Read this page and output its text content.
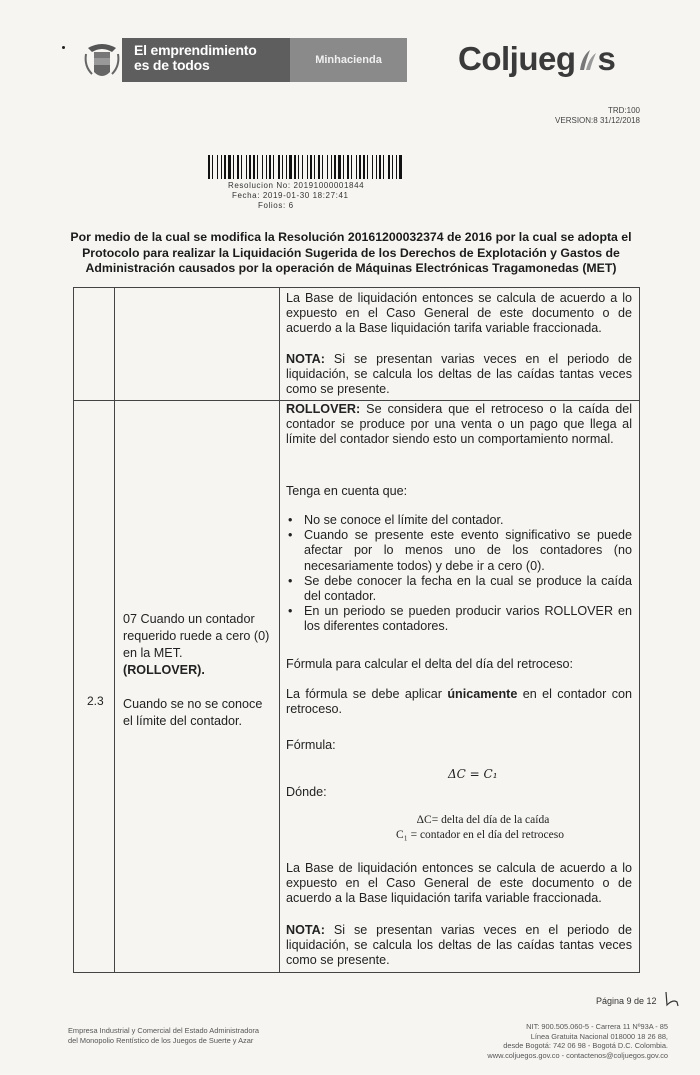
El emprendimiento
es de todos	Minhacienda	Coljueg s
TRD:100
VERSION:8 31/12/2018
Resolucion No: 20191000001844
Fecha: 2019-01-30 18:27:41
Folios: 6
Por medio de la cual se modifica la Resolución 20161200032374 de 2016 por la cual se adopta el Protocolo para realizar la Liquidación Sugerida de los Derechos de Explotación y Gastos de Administración causados por la operación de Máquinas Electrónicas Tragamonedas (MET)
La Base de liquidación entonces se calcula de acuerdo a lo expuesto en el Caso General de este documento o de acuerdo a la Base liquidación tarifa variable fraccionada.
NOTA: Si se presentan varias veces en el periodo de liquidación, se calcula los deltas de las caídas tantas veces como se presente.
2.3

07 Cuando un contador requerido ruede a cero (0) en la MET.
(ROLLOVER).

Cuando se no se conoce el límite del contador.

ROLLOVER: Se considera que el retroceso o la caída del contador se produce por una venta o un pago que llega al límite del contador siendo esto un comportamiento normal.
Tenga en cuenta que:
• No se conoce el límite del contador.
• Cuando se presente este evento significativo se puede afectar por lo menos uno de los contadores (no necesariamente todos) y debe ir a cero (0).
• Se debe conocer la fecha en la cual se produce la caída del contador.
• En un periodo se pueden producir varios ROLLOVER en los diferentes contadores.
Fórmula para calcular el delta del día del retroceso:
La fórmula se debe aplicar únicamente en el contador con retroceso.
Fórmula:
ΔC = C₁
Dónde:
ΔC= delta del día de la caída
C₁ = contador en el día del retroceso
La Base de liquidación entonces se calcula de acuerdo a lo expuesto en el Caso General de este documento o de acuerdo a la Base liquidación tarifa variable fraccionada.
NOTA: Si se presentan varias veces en el periodo de liquidación, se calcula los deltas de las caídas tantas veces como se presente.
Página 9 de 12
Empresa Industrial y Comercial del Estado Administradora
del Monopolio Rentístico de los Juegos de Suerte y Azar
NIT: 900.505.060-5 - Carrera 11 Nº93A - 85
Línea Gratuita Nacional 018000 18 26 88,
desde Bogotá: 742 06 98 - Bogotá D.C. Colombia.
www.coljuegos.gov.co - contactenos@coljuegos.gov.co
